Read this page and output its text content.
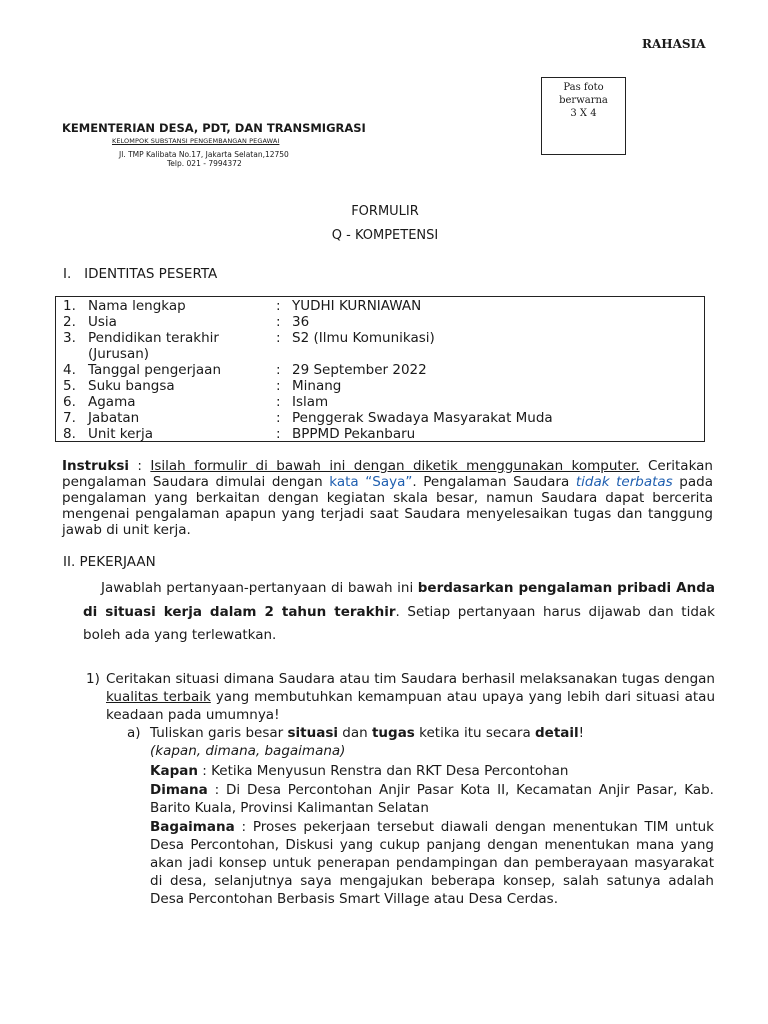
RAHASIA
Pas foto
berwarna
3 X 4
KEMENTERIAN DESA, PDT, DAN TRANSMIGRASI
KELOMPOK SUBSTANSI PENGEMBANGAN PEGAWAI
Jl. TMP Kalibata No.17, Jakarta Selatan,12750
Telp. 021 - 7994372
FORMULIR
Q - KOMPETENSI
I.   IDENTITAS PESERTA
1. Nama lengkap	: YUDHI KURNIAWAN
2. Usia	: 36
3. Pendidikan terakhir	: S2 (Ilmu Komunikasi)
(Jurusan)
4. Tanggal pengerjaan	: 29 September 2022
5. Suku bangsa	: Minang
6. Agama	: Islam
7. Jabatan	: Penggerak Swadaya Masyarakat Muda
8. Unit kerja	: BPPMD Pekanbaru
Instruksi : Isilah formulir di bawah ini dengan diketik menggunakan komputer. Ceritakan pengalaman Saudara dimulai dengan kata “Saya”. Pengalaman Saudara tidak terbatas pada pengalaman yang berkaitan dengan kegiatan skala besar, namun Saudara dapat bercerita mengenai pengalaman apapun yang terjadi saat Saudara menyelesaikan tugas dan tanggung jawab di unit kerja.
II. PEKERJAAN
Jawablah pertanyaan-pertanyaan di bawah ini berdasarkan pengalaman pribadi Anda di situasi kerja dalam 2 tahun terakhir. Setiap pertanyaan harus dijawab dan tidak boleh ada yang terlewatkan.
1) Ceritakan situasi dimana Saudara atau tim Saudara berhasil melaksanakan tugas dengan kualitas terbaik yang membutuhkan kemampuan atau upaya yang lebih dari situasi atau keadaan pada umumnya!
a) Tuliskan garis besar situasi dan tugas ketika itu secara detail!
(kapan, dimana, bagaimana)
Kapan : Ketika Menyusun Renstra dan RKT Desa Percontohan
Dimana : Di Desa Percontohan Anjir Pasar Kota II, Kecamatan Anjir Pasar, Kab. Barito Kuala, Provinsi Kalimantan Selatan
Bagaimana : Proses pekerjaan tersebut diawali dengan menentukan TIM untuk Desa Percontohan, Diskusi yang cukup panjang dengan menentukan mana yang akan jadi konsep untuk penerapan pendampingan dan pemberayaan masyarakat di desa, selanjutnya saya mengajukan beberapa konsep, salah satunya adalah Desa Percontohan Berbasis Smart Village atau Desa Cerdas.
